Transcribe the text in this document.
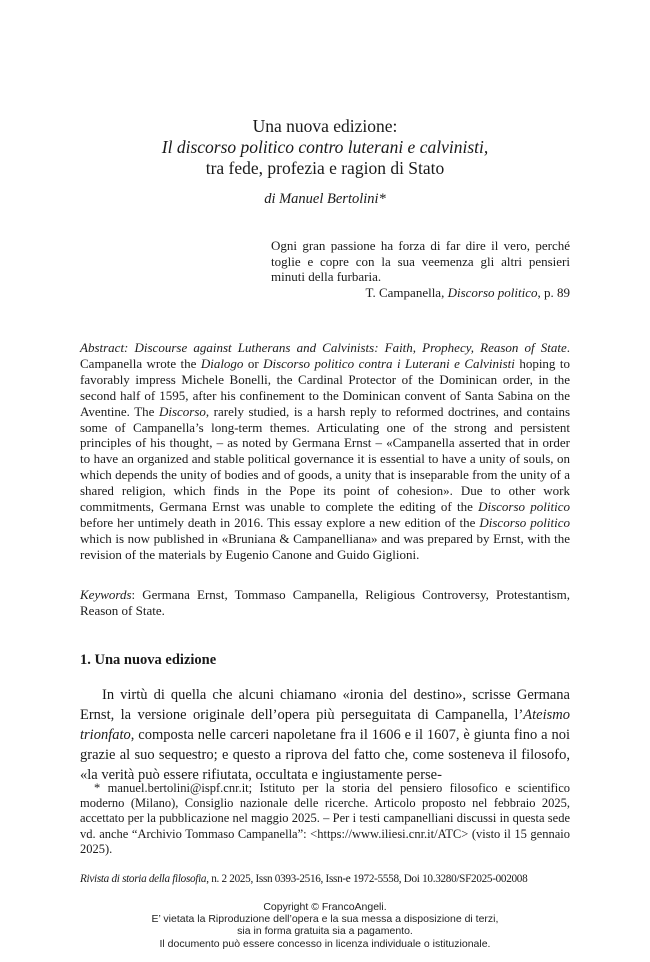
Una nuova edizione:
Il discorso politico contro luterani e calvinisti,
tra fede, profezia e ragion di Stato
di Manuel Bertolini*
Ogni gran passione ha forza di far dire il vero, perché toglie e copre con la sua veemenza gli altri pensieri minuti della furbaria.
T. Campanella, Discorso politico, p. 89
Abstract: Discourse against Lutherans and Calvinists: Faith, Prophecy, Reason of State. Campanella wrote the Dialogo or Discorso politico contra i Luterani e Calvinisti hoping to favorably impress Michele Bonelli, the Cardinal Protector of the Dominican order, in the second half of 1595, after his confinement to the Dominican convent of Santa Sabina on the Aventine. The Discorso, rarely studied, is a harsh reply to reformed doctrines, and contains some of Campanella’s long-term themes. Articulating one of the strong and persistent principles of his thought, – as noted by Germana Ernst – «Campanella asserted that in order to have an organized and stable political governance it is essential to have a unity of souls, on which depends the unity of bodies and of goods, a unity that is inseparable from the unity of a shared religion, which finds in the Pope its point of cohesion». Due to other work commitments, Germana Ernst was unable to complete the editing of the Discorso politico before her untimely death in 2016. This essay explore a new edition of the Discorso politico which is now published in «Bruniana & Campanelliana» and was prepared by Ernst, with the revision of the materials by Eugenio Canone and Guido Giglioni.
Keywords: Germana Ernst, Tommaso Campanella, Religious Controversy, Protestantism, Reason of State.
1. Una nuova edizione
In virtù di quella che alcuni chiamano «ironia del destino», scrisse Germana Ernst, la versione originale dell’opera più perseguitata di Campanella, l’Ateismo trionfato, composta nelle carceri napoletane fra il 1606 e il 1607, è giunta fino a noi grazie al suo sequestro; e questo a riprova del fatto che, come sosteneva il filosofo, «la verità può essere rifiutata, occultata e ingiustamente perse-
* manuel.bertolini@ispf.cnr.it; Istituto per la storia del pensiero filosofico e scientifico moderno (Milano), Consiglio nazionale delle ricerche. Articolo proposto nel febbraio 2025, accettato per la pubblicazione nel maggio 2025. – Per i testi campanelliani discussi in questa sede vd. anche “Archivio Tommaso Campanella”: <https://www.iliesi.cnr.it/ATC> (visto il 15 gennaio 2025).
Rivista di storia della filosofia, n. 2 2025, Issn 0393-2516, Issn-e 1972-5558, Doi 10.3280/SF2025-002008
Copyright © FrancoAngeli.
E’ vietata la Riproduzione dell’opera e la sua messa a disposizione di terzi,
sia in forma gratuita sia a pagamento.
Il documento può essere concesso in licenza individuale o istituzionale.
